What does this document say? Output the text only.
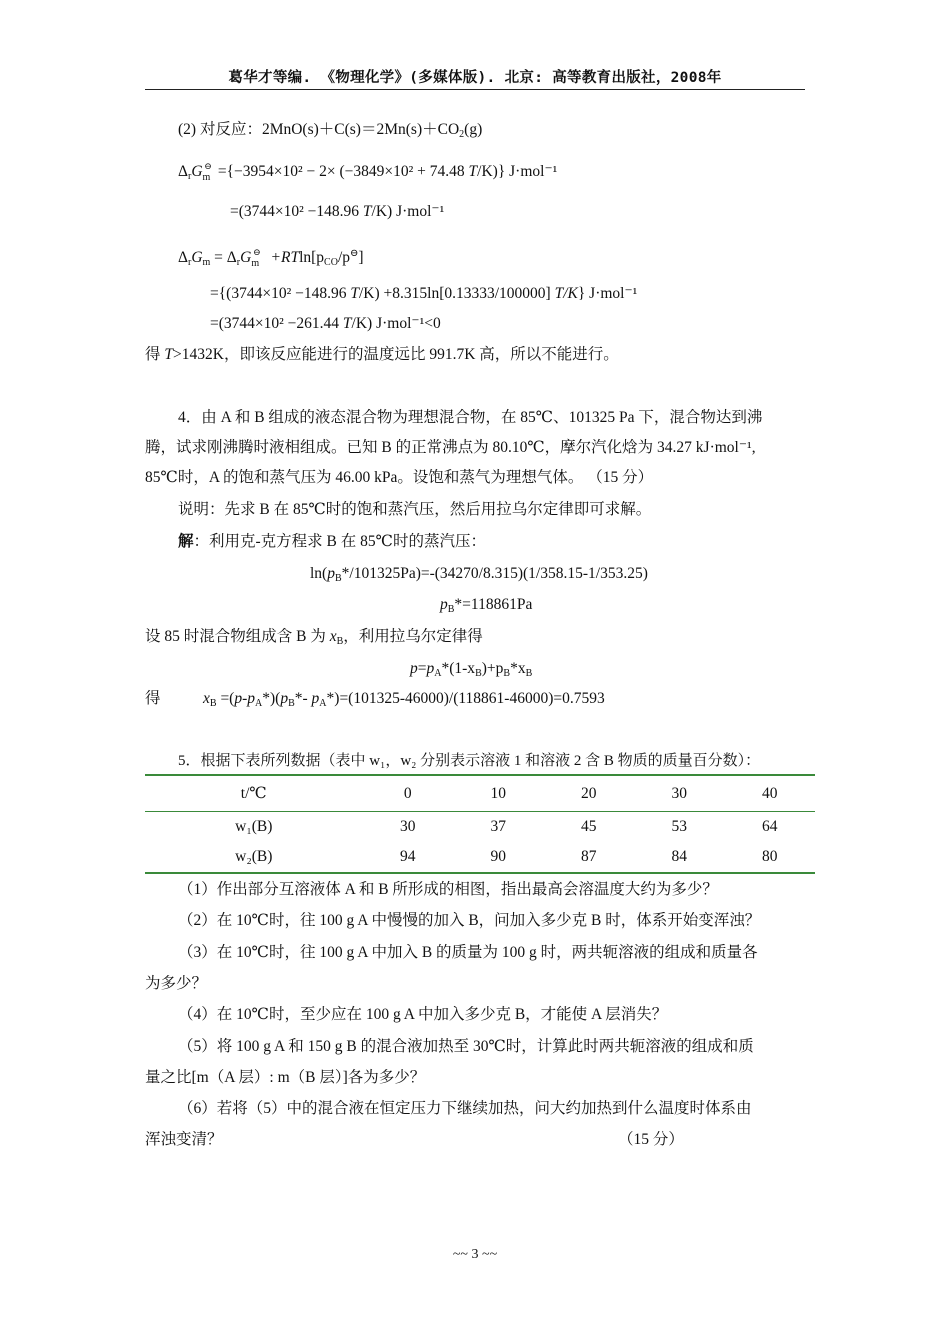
葛华才等编. 《物理化学》(多媒体版). 北京: 高等教育出版社，2008年
(2) 对反应：$2MnO(s)+C(s)=2Mn(s)+CO_2(g)$
$\Delta_rG_m^⊖ =\{-3954\times 10^2 - 2\times (-3849\times 10^2 + 74.48$ T/K)} J·mol⁻¹
=(3744×10² −148.96 T/K) J·mol⁻¹
$\Delta_rG_m = \Delta_rG_m^⊖ +RTln[p_{CO}/p^⊖]$
={(3744×10² −148.96 T/K) +8.315ln[0.13333/100000] T/K} J·mol⁻¹
=(3744×10² −261.44 T/K) J·mol⁻¹<0
得 T>1432K，即该反应能进行的温度远比 991.7K 高，所以不能进行。
4．由 A 和 B 组成的液态混合物为理想混合物，在 85℃、101325 Pa 下，混合物达到沸
腾，试求刚沸腾时液相组成。已知 B 的正常沸点为 80.10℃，摩尔汽化焓为 34.27 kJ·mol⁻¹,
85℃时，A 的饱和蒸气压为 46.00 kPa。设饱和蒸气为理想气体。 （15 分）
说明：先求 B 在 85℃时的饱和蒸汽压，然后用拉乌尔定律即可求解。
解：利用克-克方程求 B 在 85℃时的蒸汽压：
$\ln(p_B*/101325Pa)=-(34270/8.315)(1/358.15-1/353.25)$
$p_B*=118861Pa$
设 85 时混合物组成含 B 为 $x_B$，利用拉乌尔定律得
$p=p_A*(1-x_B)+p_B*x_B$
得	$x_B =(p-p_A*)(p_B*-$ $p_A*)=(101325-46000)/(118861-46000)=0.7593$
5．根据下表所列数据（表中 w₁，w₂ 分别表示溶液 1 和溶液 2 含 B 物质的质量百分数）：
t/℃	0	10	20	30	40
w₁(B)	30	37	45	53	64
w₂(B)	94	90	87	84	80
（1）作出部分互溶液体 A 和 B 所形成的相图，指出最高会溶温度大约为多少？
（2）在 10℃时，往 100 g A 中慢慢的加入 B，问加入多少克 B 时，体系开始变浑浊？
（3）在 10℃时，往 100 g A 中加入 B 的质量为 100 g 时，两共轭溶液的组成和质量各
为多少？
（4）在 10℃时，至少应在 100 g A 中加入多少克 B，才能使 A 层消失？
（5）将 100 g A 和 150 g B 的混合液加热至 30℃时，计算此时两共轭溶液的组成和质
量之比[m（A 层）: m（B 层）]各为多少？
（6）若将（5）中的混合液在恒定压力下继续加热，问大约加热到什么温度时体系由
浑浊变清？	（15 分）
~~ 3 ~~
